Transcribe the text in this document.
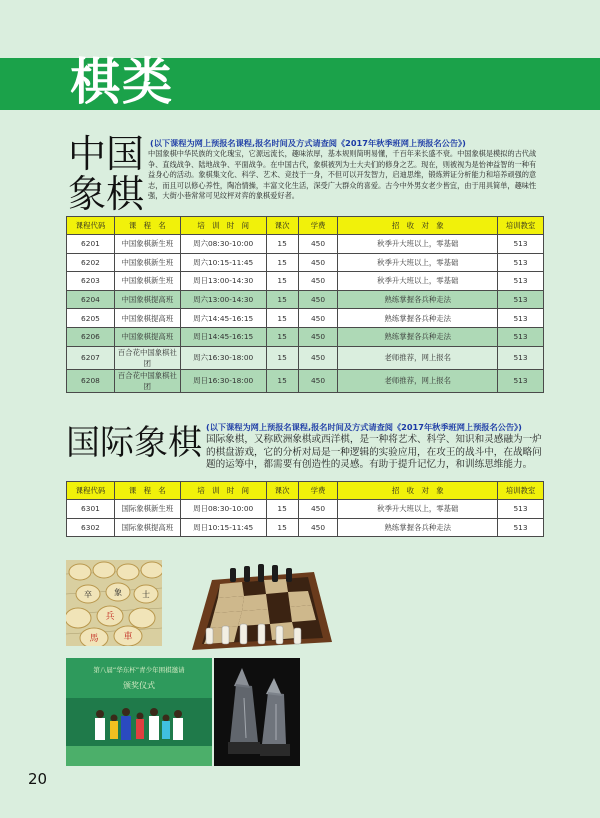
棋类
中国象棋
(以下课程为网上预报名课程,报名时间及方式请查阅《2017年秋季班网上预报名公告》)
中国象棋中华民族的文化瑰宝，它源远流长，趣味浓厚，基本规则简明易懂，千百年来长盛不衰。中国象棋是模拟的古代战争、直线战争、陆地战争、平面战争。在中国古代，象棋被列为士大夫们的修身之艺。现在，则被视为是怡神益智的一种有益身心的活动。象棋集文化、科学、艺术、竞技于一身，不但可以开发智力，启迪思维，锻炼辨证分析能力和培养顽强的意志，而且可以修心养性，陶冶情操，丰富文化生活，深受广大群众的喜爱。古今中外男女老少皆宜，由于用具简单，趣味性强，大街小巷常常可见纹枰对弈的象棋爱好者。
课程代码	课　程　名	培　训　时　间	课次	学费	招　收　对　象	培训教室
6201	中国象棋新生班	周六08:30-10:00	15	450	秋季升大班以上，零基础	513
6202	中国象棋新生班	周六10:15-11:45	15	450	秋季升大班以上，零基础	513
6203	中国象棋新生班	周日13:00-14:30	15	450	秋季升大班以上，零基础	513
6204	中国象棋提高班	周六13:00-14:30	15	450	熟练掌握各兵种走法	513
6205	中国象棋提高班	周六14:45-16:15	15	450	熟练掌握各兵种走法	513
6206	中国象棋提高班	周日14:45-16:15	15	450	熟练掌握各兵种走法	513
6207	百合花中国象棋社团	周六16:30-18:00	15	450	老师推荐，网上报名	513
6208	百合花中国象棋社团	周日16:30-18:00	15	450	老师推荐，网上报名	513
国际象棋 (以下课程为网上预报名课程,报名时间及方式请查阅《2017年秋季班网上预报名公告》)
国际象棋，又称欧洲象棋或西洋棋，是一种将艺术、科学、知识和灵感融为一炉的棋盘游戏，它的分析对局是一种逻辑的实验应用，在攻王的战斗中，在战略问题的运筹中，都需要有创造性的灵感。有助于提升记忆力，和训练思维能力。
课程代码	课　程　名	培　训　时　间	课次	学费	招　收　对　象	培训教室
6301	国际象棋新生班	周日08:30-10:00	15	450	秋季升大班以上，零基础	513
6302	国际象棋提高班	周日10:15-11:45	15	450	熟练掌握各兵种走法	513
馬	車
兵
卒	象	士
第八届“华东杯”青少年围棋邀请
颁奖仪式
20
